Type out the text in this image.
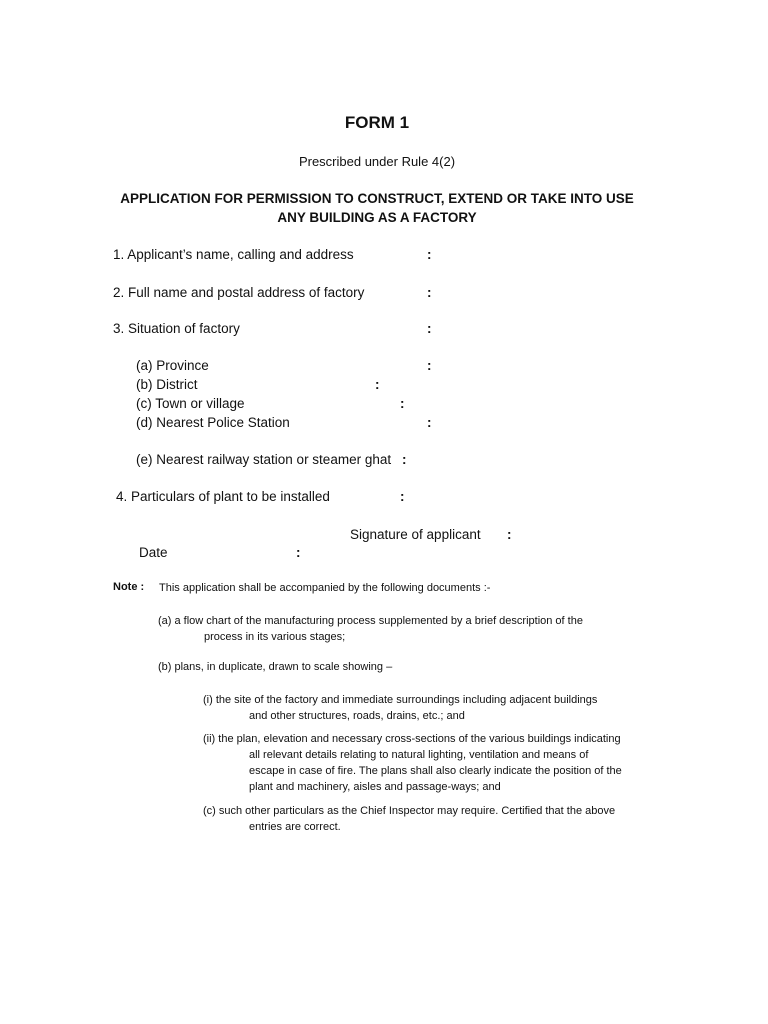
FORM 1
Prescribed under Rule 4(2)
APPLICATION FOR PERMISSION TO CONSTRUCT, EXTEND OR TAKE INTO USE ANY BUILDING AS A FACTORY
1. Applicant’s name, calling and address	:
2. Full name and postal address of factory	:
3. Situation of factory	:
(a) Province	:
(b) District	:
(c) Town or village	:
(d) Nearest Police Station	:
(e) Nearest railway station or steamer ghat :
4. Particulars of plant to be installed	:
Signature of applicant :
Date	:
Note : This application shall be accompanied by the following documents :-
(a) a flow chart of the manufacturing process supplemented by a brief description of the
process in its various stages;
(b) plans, in duplicate, drawn to scale showing –
(i) the site of the factory and immediate surroundings including adjacent buildings
and other structures, roads, drains, etc.; and
(ii) the plan, elevation and necessary cross-sections of the various buildings indicating
all relevant details relating to natural lighting, ventilation and means of
escape in case of fire. The plans shall also clearly indicate the position of the
plant and machinery, aisles and passage-ways; and
(c) such other particulars as the Chief Inspector may require. Certified that the above
entries are correct.
